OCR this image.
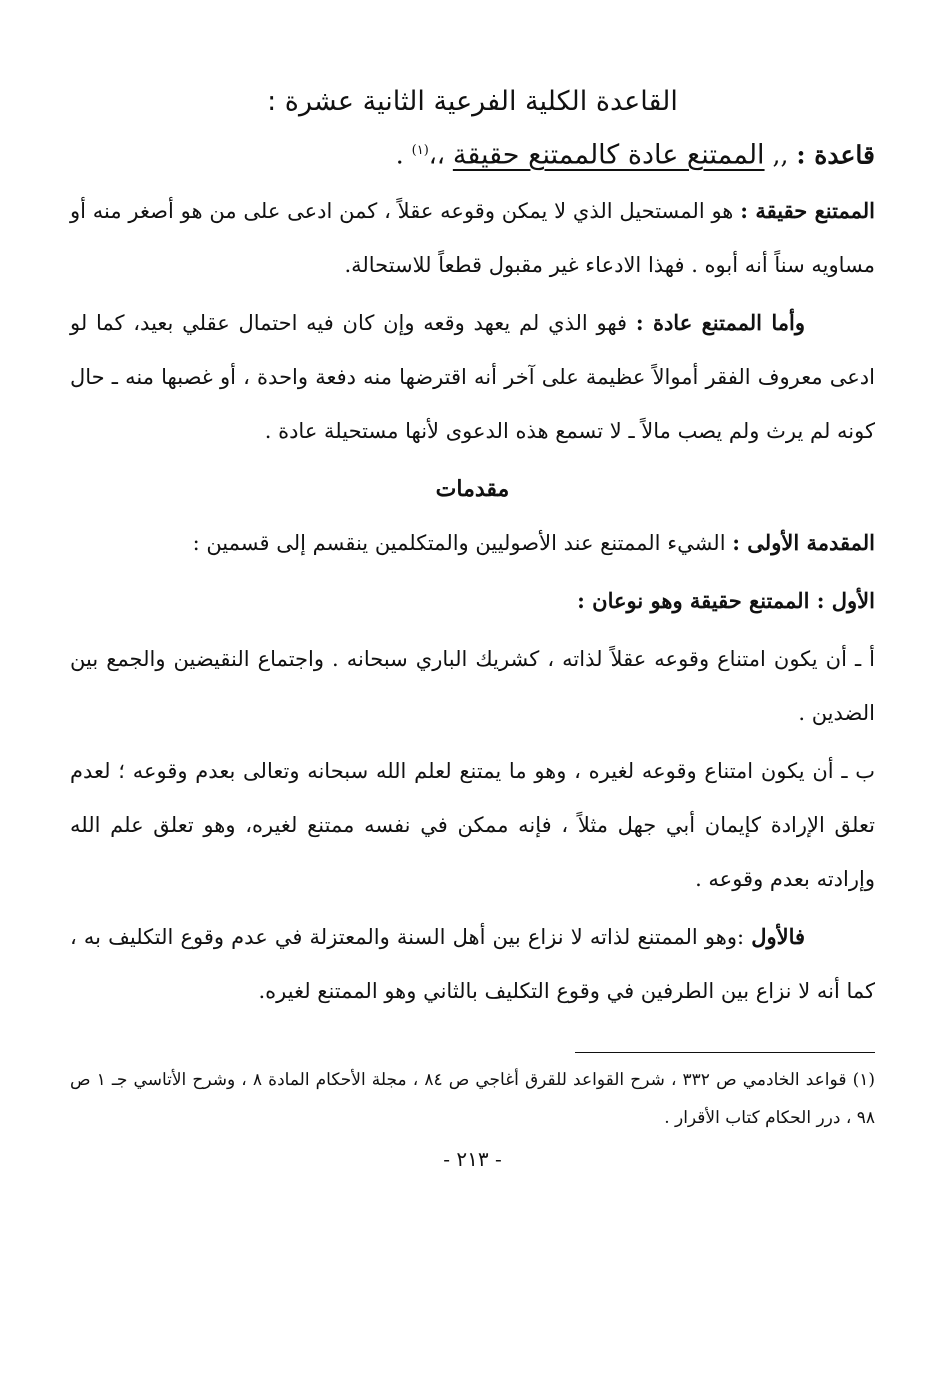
القاعدة الكلية الفرعية الثانية عشرة :

قاعدة : ,, الممتنع عادة كالممتنع حقيقة ،،$^{(١)}$ .

الممتنع حقيقة : هو المستحيل الذي لا يمكن وقوعه عقلاً ، كمن ادعى على من هو أصغر منه أو مساويه سناً أنه أبوه . فهذا الادعاء غير مقبول قطعاً للاستحالة.

وأما الممتنع عادة : فهو الذي لم يعهد وقعه وإن كان فيه احتمال عقلي بعيد، كما لو ادعى معروف الفقر أموالاً عظيمة على آخر أنه اقترضها منه دفعة واحدة ، أو غصبها منه ـ حال كونه لم يرث ولم يصب مالاً ـ لا تسمع هذه الدعوى لأنها مستحيلة عادة .

مقدمات

المقدمة الأولى : الشيء الممتنع عند الأصوليين والمتكلمين ينقسم إلى قسمين :

الأول : الممتنع حقيقة وهو نوعان :

أ ـ أن يكون امتناع وقوعه عقلاً لذاته ، كشريك الباري سبحانه . واجتماع النقيضين والجمع بين الضدين .

ب ـ أن يكون امتناع وقوعه لغيره ، وهو ما يمتنع لعلم الله سبحانه وتعالى بعدم وقوعه ؛ لعدم تعلق الإرادة كإيمان أبي جهل مثلاً ، فإنه ممكن في نفسه ممتنع لغيره، وهو تعلق علم الله وإرادته بعدم وقوعه .

فالأول :وهو الممتنع لذاته لا نزاع بين أهل السنة والمعتزلة في عدم وقوع التكليف به ، كما أنه لا نزاع بين الطرفين في وقوع التكليف بالثاني وهو الممتنع لغيره.

(١) قواعد الخادمي ص ٣٣٢ ، شرح القواعد للقرق أغاجي ص ٨٤ ، مجلة الأحكام المادة ٨ ، وشرح الأتاسي جـ ١ ص ٩٨ ، درر الحكام كتاب الأقرار .

- ٢١٣ -
